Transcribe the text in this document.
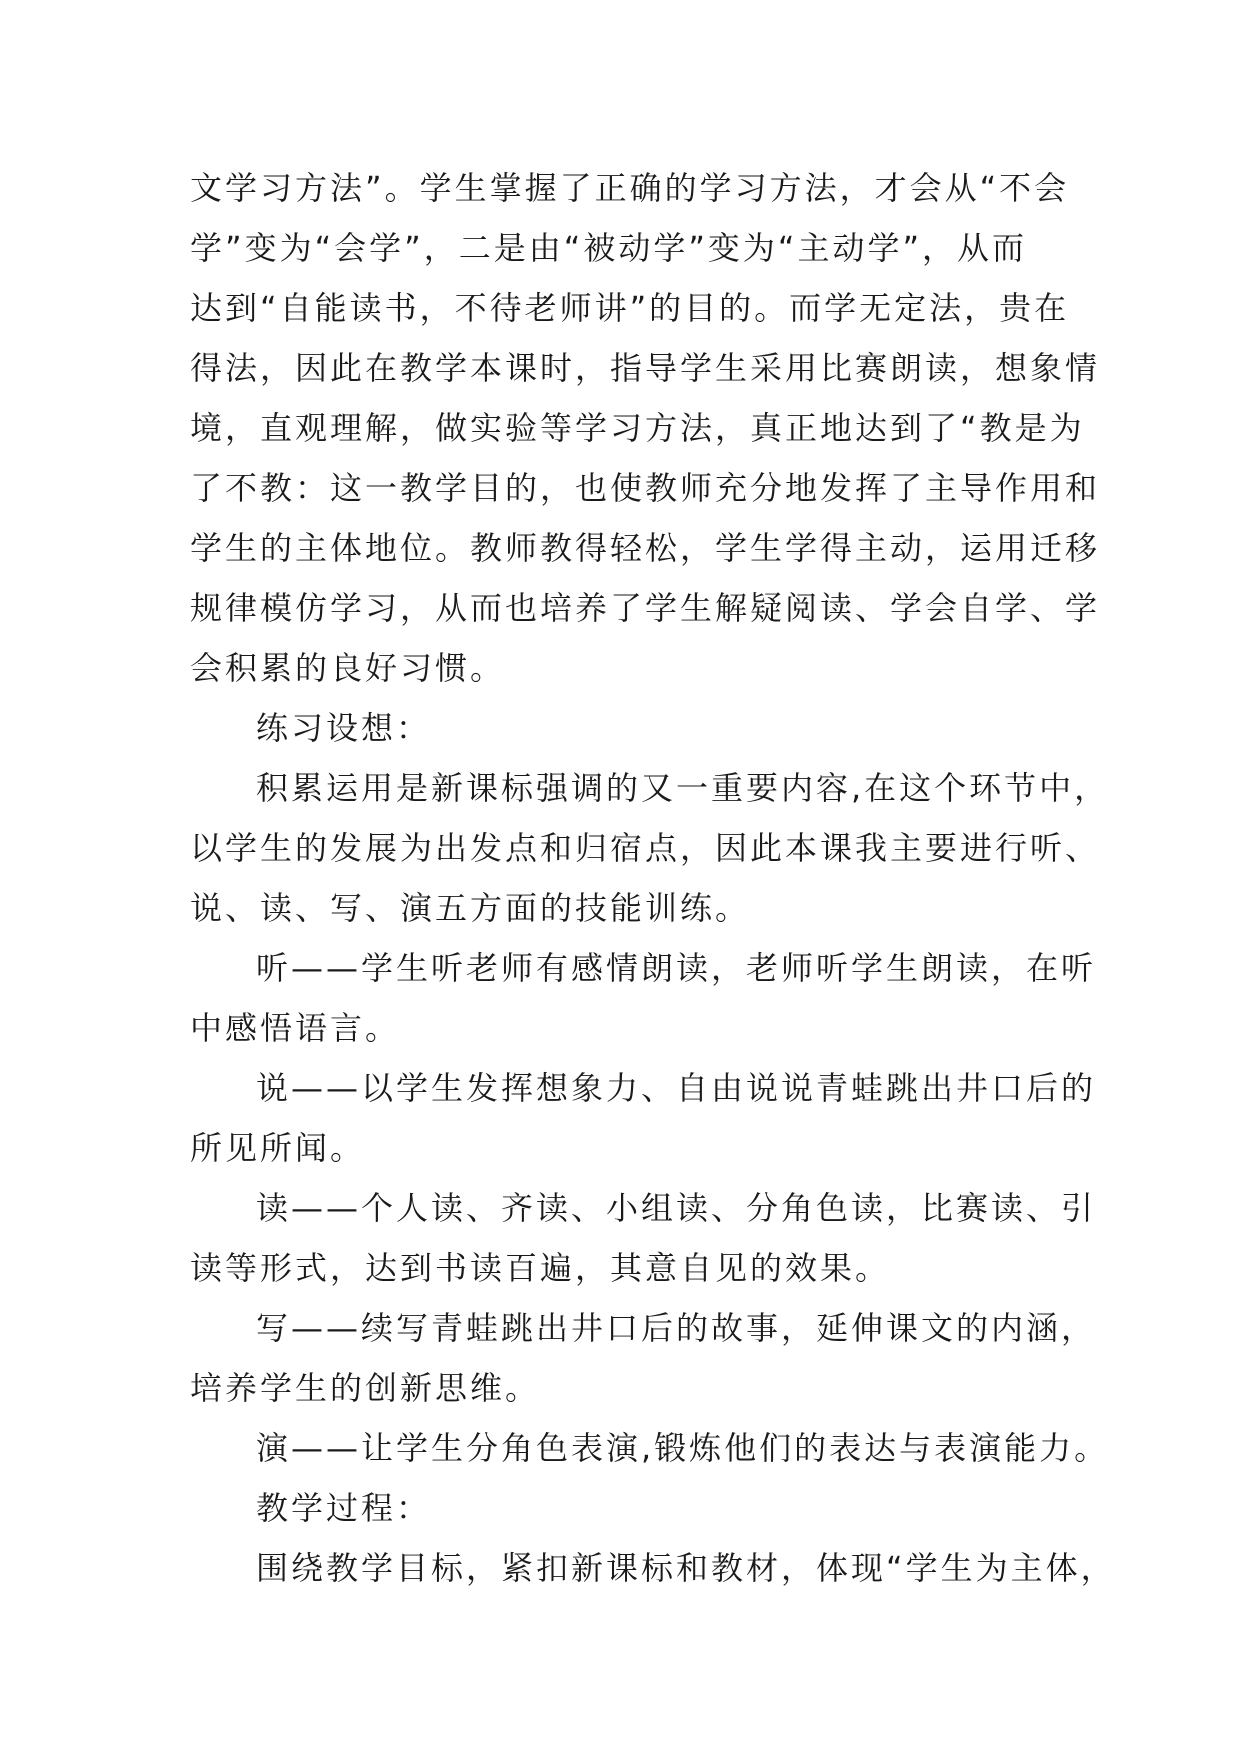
文学习方法”。学生掌握了正确的学习方法，才会从“不会
学”变为“会学”，二是由“被动学”变为“主动学”，从而
达到“自能读书，不待老师讲”的目的。而学无定法，贵在
得法，因此在教学本课时，指导学生采用比赛朗读，想象情
境，直观理解，做实验等学习方法，真正地达到了“教是为
了不教：这一教学目的，也使教师充分地发挥了主导作用和
学生的主体地位。教师教得轻松，学生学得主动，运用迁移
规律模仿学习，从而也培养了学生解疑阅读、学会自学、学
会积累的良好习惯。
练习设想：
积累运用是新课标强调的又一重要内容,在这个环节中，
以学生的发展为出发点和归宿点，因此本课我主要进行听、
说、读、写、演五方面的技能训练。
听——学生听老师有感情朗读，老师听学生朗读，在听
中感悟语言。
说——以学生发挥想象力、自由说说青蛙跳出井口后的
所见所闻。
读——个人读、齐读、小组读、分角色读，比赛读、引
读等形式，达到书读百遍，其意自见的效果。
写——续写青蛙跳出井口后的故事，延伸课文的内涵，
培养学生的创新思维。
演——让学生分角色表演,锻炼他们的表达与表演能力。
教学过程：
围绕教学目标，紧扣新课标和教材，体现“学生为主体，
